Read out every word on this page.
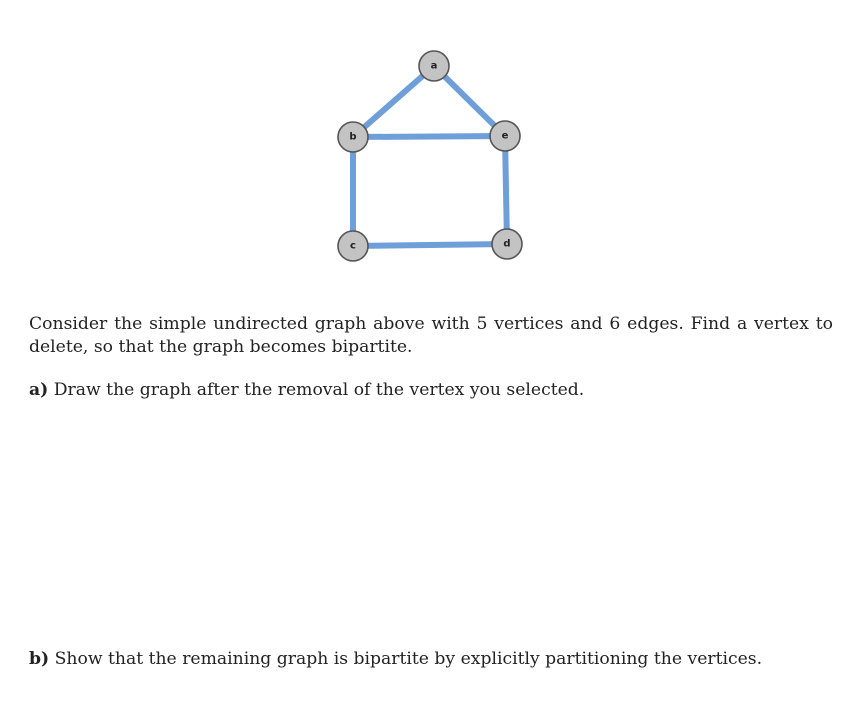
a
b
c	d
e

Consider the simple undirected graph above with 5 vertices and 6 edges. Find a vertex to delete, so that the graph becomes bipartite.

a) Draw the graph after the removal of the vertex you selected.

b) Show that the remaining graph is bipartite by explicitly partitioning the vertices.
